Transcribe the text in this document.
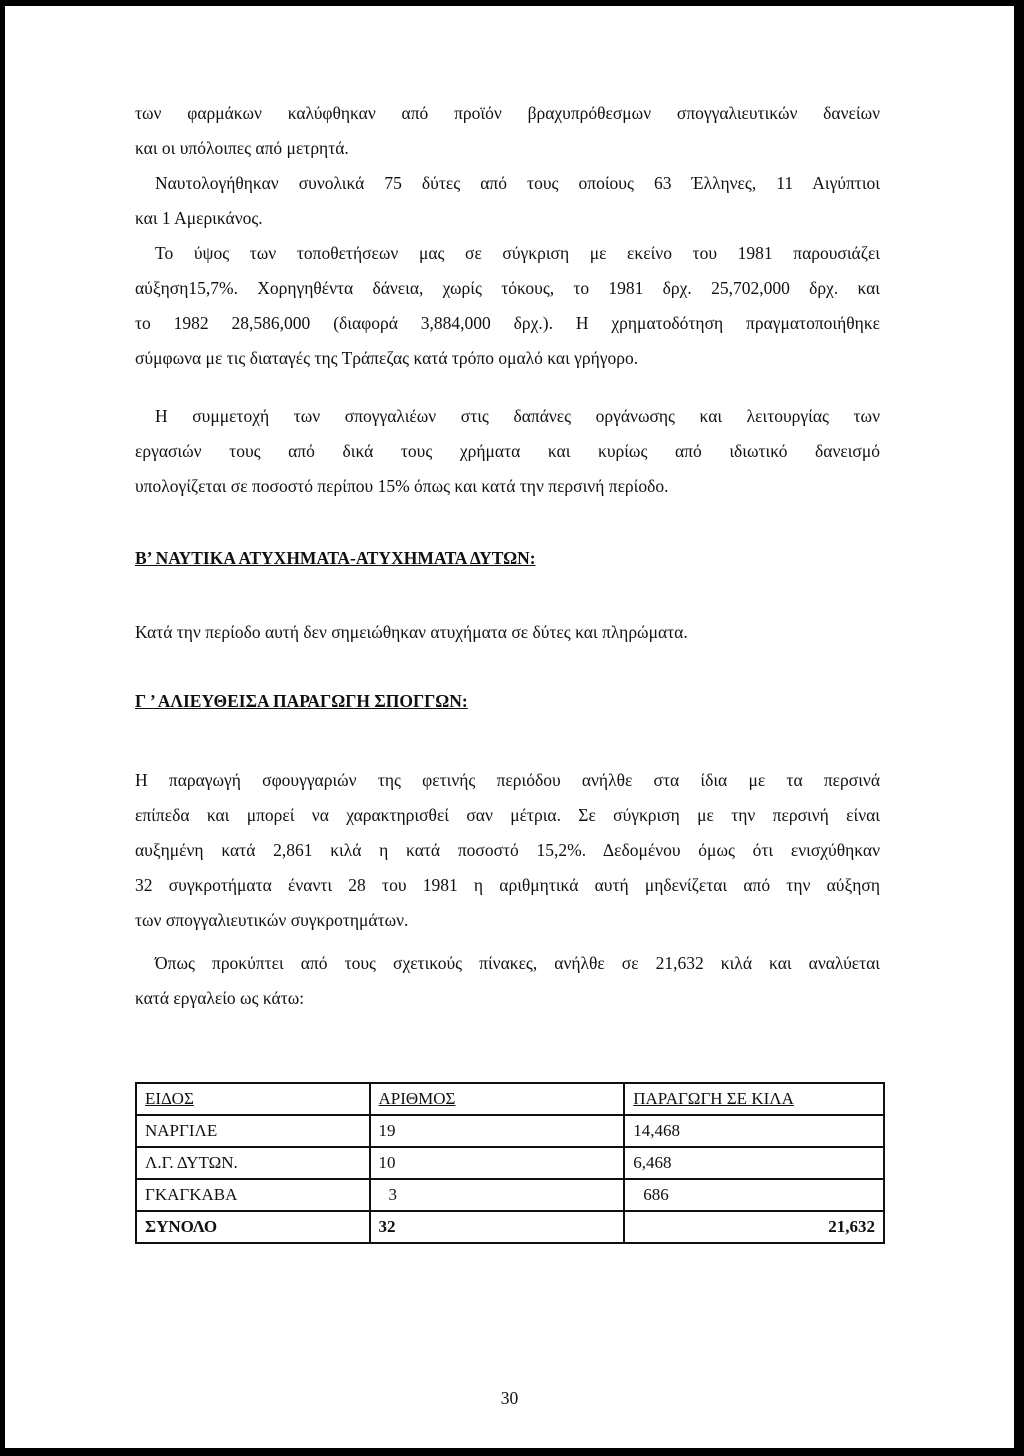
των φαρμάκων καλύφθηκαν από προϊόν βραχυπρόθεσμων σπογγαλιευτικών δανείων
και οι υπόλοιπες από μετρητά.
Ναυτολογήθηκαν συνολικά 75 δύτες από τους οποίους 63 Έλληνες, 11 Αιγύπτιοι
και 1 Αμερικάνος.
Το ύψος των τοποθετήσεων μας σε σύγκριση με εκείνο του 1981 παρουσιάζει
αύξηση15,7%. Χορηγηθέντα δάνεια, χωρίς τόκους, το 1981 δρχ. 25,702,000 δρχ. και
το 1982 28,586,000 (διαφορά 3,884,000 δρχ.). Η χρηματοδότηση πραγματοποιήθηκε
σύμφωνα με τις διαταγές της Τράπεζας κατά τρόπο ομαλό και γρήγορο.
Η συμμετοχή των σπογγαλιέων στις δαπάνες οργάνωσης και λειτουργίας των
εργασιών τους από δικά τους χρήματα και κυρίως από ιδιωτικό δανεισμό
υπολογίζεται σε ποσοστό περίπου 15% όπως και κατά την περσινή περίοδο.
Β’ ΝΑΥΤΙΚΑ ΑΤΥΧΗΜΑΤΑ-ΑΤΥΧΗΜΑΤΑ ΔΥΤΩΝ:
Κατά την περίοδο αυτή δεν σημειώθηκαν ατυχήματα σε δύτες και πληρώματα.
Γ ’ ΑΛΙΕΥΘΕΙΣΑ ΠΑΡΑΓΩΓΗ ΣΠΟΓΓΩΝ:
Η παραγωγή σφουγγαριών της φετινής περιόδου ανήλθε στα ίδια με τα περσινά
επίπεδα και μπορεί να χαρακτηρισθεί σαν μέτρια. Σε σύγκριση με την περσινή είναι
αυξημένη κατά 2,861 κιλά η κατά ποσοστό 15,2%. Δεδομένου όμως ότι ενισχύθηκαν
32 συγκροτήματα έναντι 28 του 1981 η αριθμητικά αυτή μηδενίζεται από την αύξηση
των σπογγαλιευτικών συγκροτημάτων.
Όπως προκύπτει από τους σχετικούς πίνακες, ανήλθε σε 21,632 κιλά και αναλύεται
κατά εργαλείο ως κάτω:
ΕΙΔΟΣ	ΑΡΙΘΜΟΣ	ΠΑΡΑΓΩΓΗ ΣΕ ΚΙΛΑ
ΝΑΡΓΙΛΕ	19	14,468
Λ.Γ. ΔΥΤΩΝ.	10	6,468
ΓΚΑΓΚΑΒΑ	3	686
ΣΥΝΟΛΟ	32	21,632
30
